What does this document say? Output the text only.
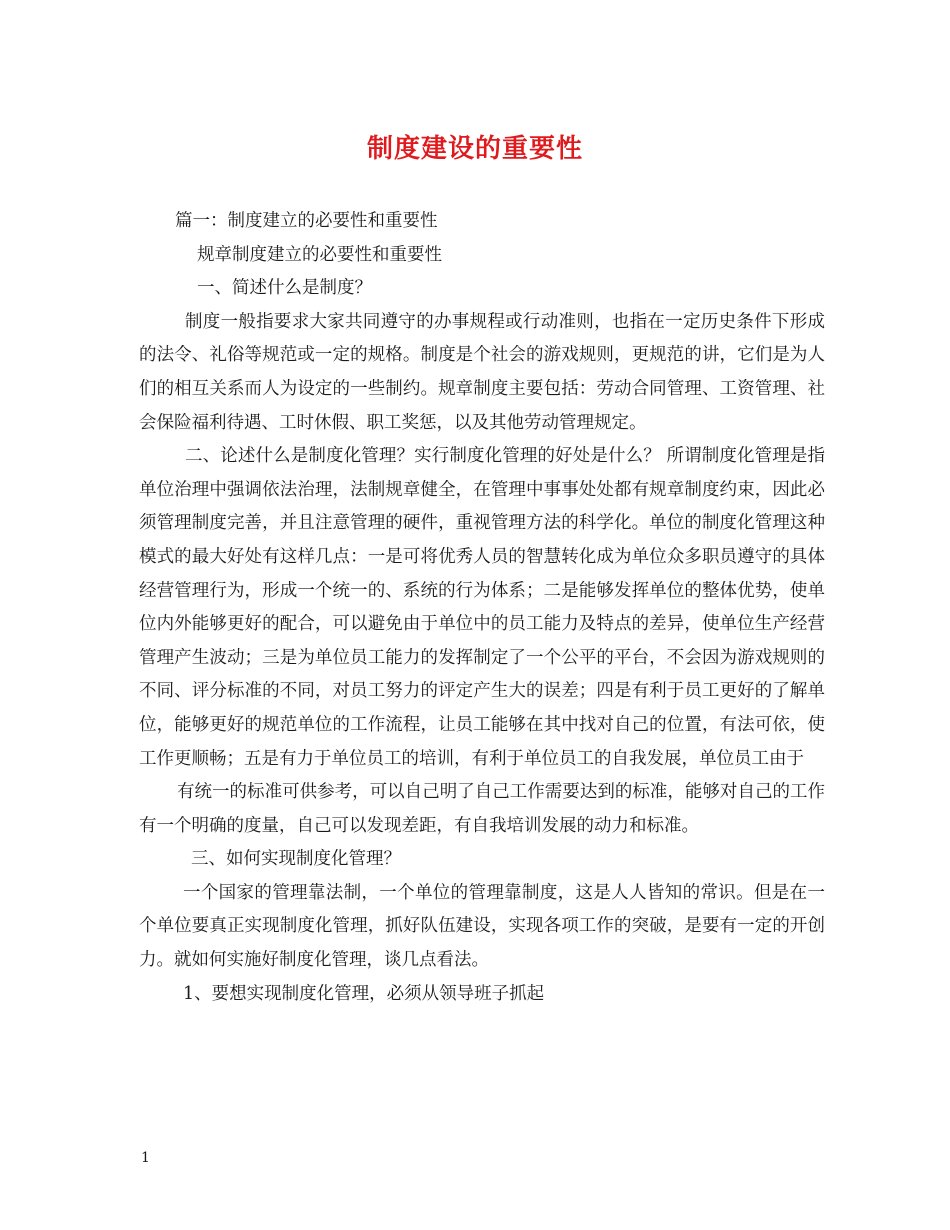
制度建设的重要性

篇一：制度建立的必要性和重要性

规章制度建立的必要性和重要性

一、简述什么是制度？

制度一般指要求大家共同遵守的办事规程或行动准则，也指在一定历史条件下形成的法令、礼俗等规范或一定的规格。制度是个社会的游戏规则，更规范的讲，它们是为人们的相互关系而人为设定的一些制约。规章制度主要包括：劳动合同管理、工资管理、社会保险福利待遇、工时休假、职工奖惩，以及其他劳动管理规定。

二、论述什么是制度化管理？实行制度化管理的好处是什么？ 所谓制度化管理是指单位治理中强调依法治理，法制规章健全，在管理中事事处处都有规章制度约束，因此必须管理制度完善，并且注意管理的硬件，重视管理方法的科学化。单位的制度化管理这种模式的最大好处有这样几点：一是可将优秀人员的智慧转化成为单位众多职员遵守的具体经营管理行为，形成一个统一的、系统的行为体系；二是能够发挥单位的整体优势，使单位内外能够更好的配合，可以避免由于单位中的员工能力及特点的差异，使单位生产经营管理产生波动；三是为单位员工能力的发挥制定了一个公平的平台，不会因为游戏规则的不同、评分标准的不同，对员工努力的评定产生大的误差；四是有利于员工更好的了解单位，能够更好的规范单位的工作流程，让员工能够在其中找对自己的位置，有法可依，使工作更顺畅；五是有力于单位员工的培训，有利于单位员工的自我发展，单位员工由于

有统一的标准可供参考，可以自己明了自己工作需要达到的标准，能够对自己的工作有一个明确的度量，自己可以发现差距，有自我培训发展的动力和标准。

三、如何实现制度化管理？

一个国家的管理靠法制，一个单位的管理靠制度，这是人人皆知的常识。但是在一个单位要真正实现制度化管理，抓好队伍建设，实现各项工作的突破，是要有一定的开创力。就如何实施好制度化管理，谈几点看法。

1、要想实现制度化管理，必须从领导班子抓起

1
